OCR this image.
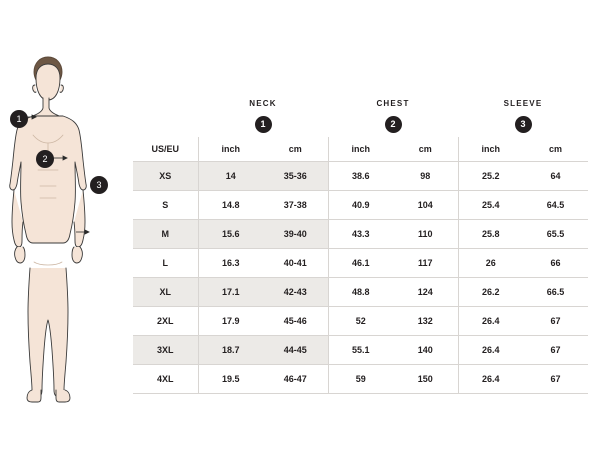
1
2
3
	NECK		CHEST		SLEEVE	
	1		2		3	
US/EU	inch	cm	inch	cm	inch	cm
XS	14	35-36	38.6	98	25.2	64
S	14.8	37-38	40.9	104	25.4	64.5
M	15.6	39-40	43.3	110	25.8	65.5
L	16.3	40-41	46.1	117	26	66
XL	17.1	42-43	48.8	124	26.2	66.5
2XL	17.9	45-46	52	132	26.4	67
3XL	18.7	44-45	55.1	140	26.4	67
4XL	19.5	46-47	59	150	26.4	67
